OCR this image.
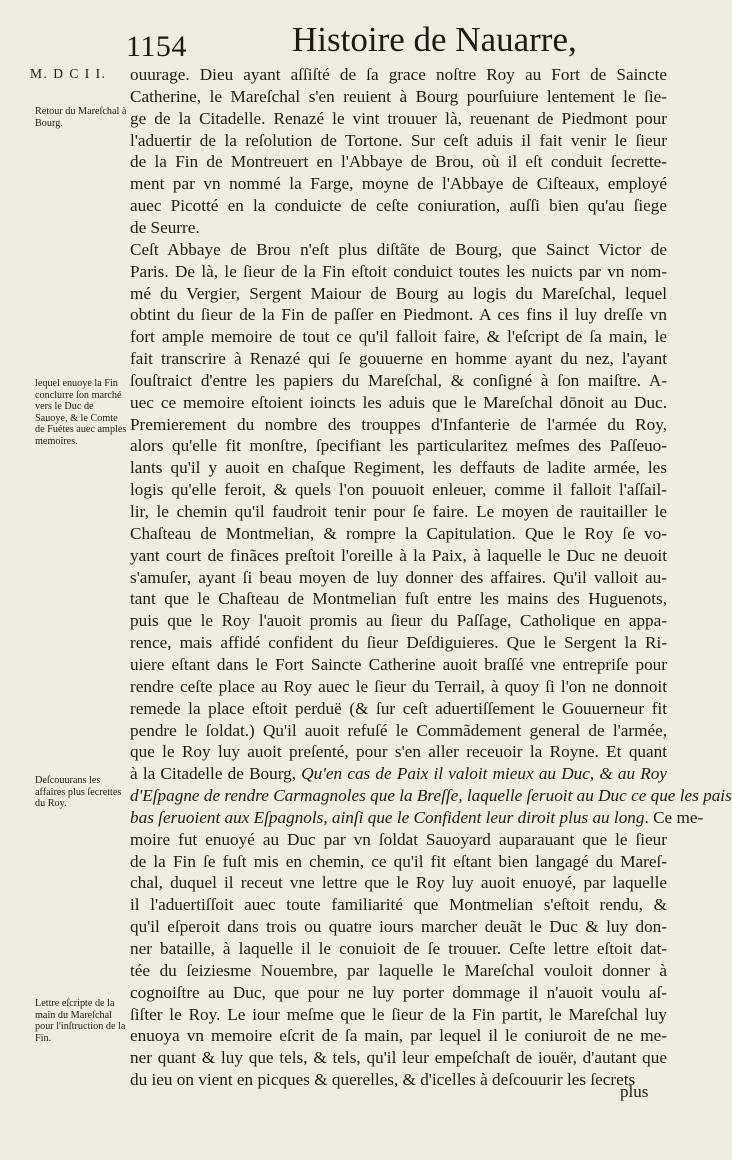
1154	Histoire de Nauarre,
M. D C I I.
Retour du Mareſchal à Bourg.
lequel enuoye la Fin conclurre ſon marché vers le Duc de Sauoye, & le Comte de Fuétes auec amples memoires.
Deſcouurans les affaires plus ſecrettes du Roy.
Lettre eſcripte de la main du Mareſchal pour l'inſtruction de la Fin.
ouurage. Dieu ayant aſſiſté de ſa grace noſtre Roy au Fort de Saincte
Catherine, le Mareſchal s'en reuient à Bourg pourſuiure lentement le ſie-
ge de la Citadelle. Renazé le vint trouuer là, reuenant de Piedmont pour
l'aduertir de la reſolution de Tortone. Sur ceſt aduis il fait venir le ſieur
de la Fin de Montreuert en l'Abbaye de Brou, où il eſt conduit ſecrette-
ment par vn nommé la Farge, moyne de l'Abbaye de Ciſteaux, employé
auec Picotté en la conduicte de ceſte coniuration, auſſi bien qu'au ſiege
de Seurre.
Ceſt Abbaye de Brou n'eſt plus diſtãte de Bourg, que Sainct Victor de
Paris. De là, le ſieur de la Fin eſtoit conduict toutes les nuicts par vn nom-
mé du Vergier, Sergent Maiour de Bourg au logis du Mareſchal, lequel
obtint du ſieur de la Fin de paſſer en Piedmont. A ces fins il luy dreſſe vn
fort ample memoire de tout ce qu'il falloit faire, & l'eſcript de ſa main, le
fait transcrire à Renazé qui ſe gouuerne en homme ayant du nez, l'ayant
ſouſtraict d'entre les papiers du Mareſchal, & conſigné à ſon maiſtre. A-
uec ce memoire eſtoient ioincts les aduis que le Mareſchal dōnoit au Duc.
Premierement du nombre des trouppes d'Infanterie de l'armée du Roy,
alors qu'elle fit monſtre, ſpecifiant les particularitez meſmes des Paſſeuo-
lants qu'il y auoit en chaſque Regiment, les deffauts de ladite armée, les
logis qu'elle feroit, & quels l'on pouuoit enleuer, comme il falloit l'aſſail-
lir, le chemin qu'il faudroit tenir pour ſe faire. Le moyen de rauitailler le
Chaſteau de Montmelian, & rompre la Capitulation. Que le Roy ſe vo-
yant court de finãces preſtoit l'oreille à la Paix, à laquelle le Duc ne deuoit
s'amuſer, ayant ſi beau moyen de luy donner des affaires. Qu'il valloit au-
tant que le Chaſteau de Montmelian fuſt entre les mains des Huguenots,
puis que le Roy l'auoit promis au ſieur du Paſſage, Catholique en appa-
rence, mais affidé confident du ſieur Deſdiguieres. Que le Sergent la Ri-
uiere eſtant dans le Fort Saincte Catherine auoit braſſé vne entrepriſe pour
rendre ceſte place au Roy auec le ſieur du Terrail, à quoy ſi l'on ne donnoit
remede la place eſtoit perduë (& ſur ceſt aduertiſſement le Gouuerneur fit
pendre le ſoldat.) Qu'il auoit refuſé le Commãdement general de l'armée,
que le Roy luy auoit preſenté, pour s'en aller receuoir la Royne. Et quant
à la Citadelle de Bourg, Qu'en cas de Paix il valoit mieux au Duc, & au Roy
d'Eſpagne de rendre Carmagnoles que la Breſſe, laquelle ſeruoit au Duc ce que les pais
bas ſeruoient aux Eſpagnols, ainſi que le Confident leur diroit plus au long. Ce me-
moire fut enuoyé au Duc par vn ſoldat Sauoyard auparauant que le ſieur
de la Fin ſe fuſt mis en chemin, ce qu'il fit eſtant bien langagé du Mareſ-
chal, duquel il receut vne lettre que le Roy luy auoit enuoyé, par laquelle
il l'aduertiſſoit auec toute familiarité que Montmelian s'eſtoit rendu, &
qu'il eſperoit dans trois ou quatre iours marcher deuãt le Duc & luy don-
ner bataille, à laquelle il le conuioit de ſe trouuer. Ceſte lettre eſtoit dat-
tée du ſeiziesme Nouembre, par laquelle le Mareſchal vouloit donner à
cognoiſtre au Duc, que pour ne luy porter dommage il n'auoit voulu aſ-
ſiſter le Roy. Le iour meſme que le ſieur de la Fin partit, le Mareſchal luy
enuoya vn memoire eſcrit de ſa main, par lequel il le coniuroit de ne me-
ner quant & luy que tels, & tels, qu'il leur empeſchaſt de iouër, d'autant que
du ieu on vient en picques & querelles, & d'icelles à deſcouurir les ſecrets
plus
